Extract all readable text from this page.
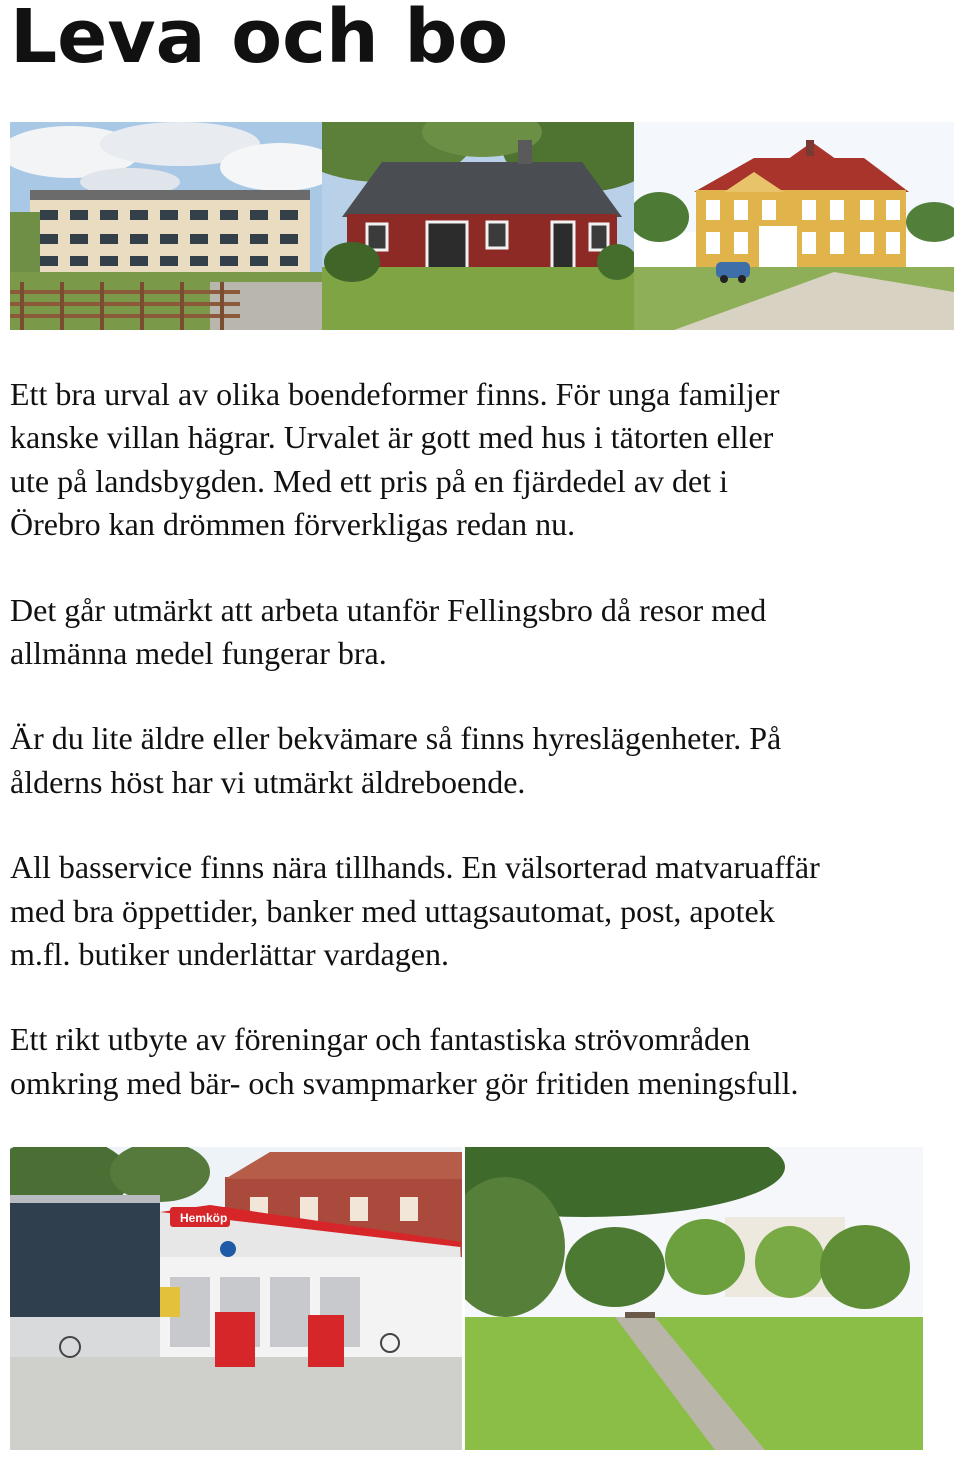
Leva och bo

Ett bra urval av olika boendeformer finns. För unga familjer
kanske villan hägrar. Urvalet är gott med hus i tätorten eller
ute på landsbygden. Med ett pris på en fjärdedel av det i
Örebro kan drömmen förverkligas redan nu.

Det går utmärkt att arbeta utanför Fellingsbro då resor med
allmänna medel fungerar bra.

Är du lite äldre eller bekvämare så finns hyreslägenheter. På
ålderns höst har vi utmärkt äldreboende.

All basservice finns nära tillhands. En välsorterad matvaruaffär
med bra öppettider, banker med uttagsautomat, post, apotek
m.fl. butiker underlättar vardagen.

Ett rikt utbyte av föreningar och fantastiska strövområden
omkring med bär- och svampmarker gör fritiden meningsfull.

Hemköp
